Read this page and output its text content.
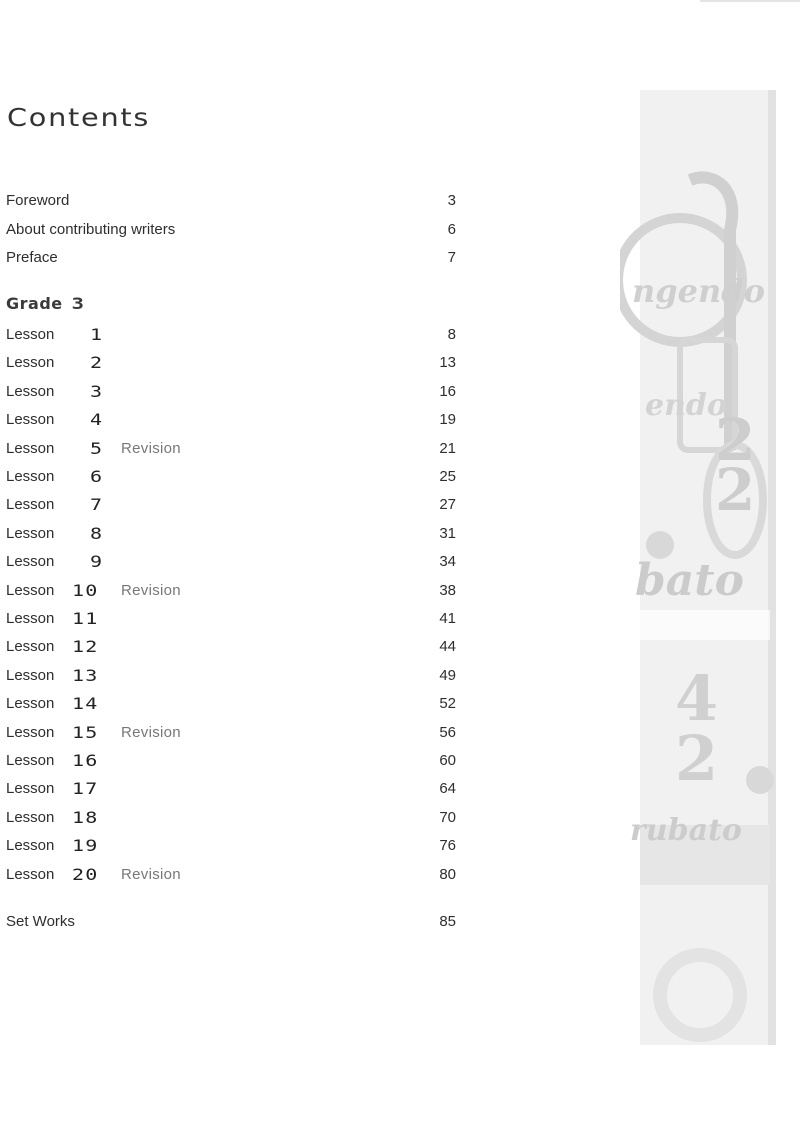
Contents
Foreword	3
About contributing writers	6
Preface	7
Grade 3
Lesson 1	8
Lesson 2	13
Lesson 3	16
Lesson 4	19
Lesson 5 Revision	21
Lesson 6	25
Lesson 7	27
Lesson 8	31
Lesson 9	34
Lesson 10 Revision	38
Lesson 11	41
Lesson 12	44
Lesson 13	49
Lesson 14	52
Lesson 15 Revision	56
Lesson 16	60
Lesson 17	64
Lesson 18	70
Lesson 19	76
Lesson 20 Revision	80
Set Works	85
ngendo
endo
2
2
bato
4
2
rubato
